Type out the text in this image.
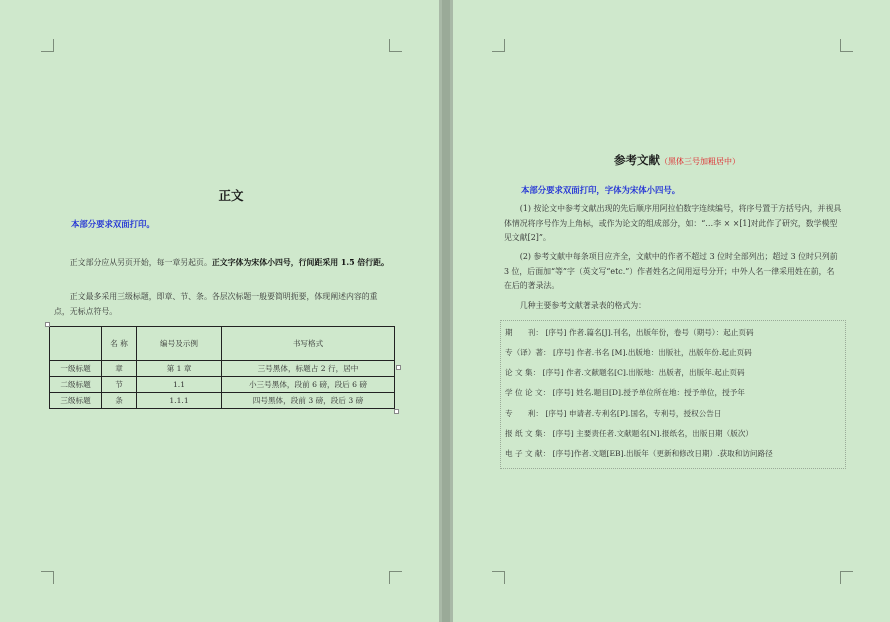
正文
本部分要求双面打印。

正文部分应从另页开始，每一章另起页。正文字体为宋体小四号，行间距采用 1.5 倍行距。

正文最多采用三级标题，即章、节、条。各层次标题一般要简明扼要，体现阐述内容的重点，无标点符号。

	名 称	编号及示例	书写格式
一级标题	章	第 1 章	三号黑体，标题占 2 行，居中
二级标题	节	1.1	小三号黑体，段前 6 磅，段后 6 磅
三级标题	条	1.1.1	四号黑体，段前 3 磅，段后 3 磅
参考文献（黑体三号加粗居中）
本部分要求双面打印，字体为宋体小四号。

(1) 按论文中参考文献出现的先后顺序用阿拉伯数字连续编号，将序号置于方括号内，并视具体情况将序号作为上角标，或作为论文的组成部分，如：“…李 × ×[1]对此作了研究，数学模型见文献[2]”。

(2) 参考文献中每条项目应齐全，文献中的作者不超过 3 位时全部列出；超过 3 位时只列前 3 位，后面加“等”字（英文写“etc.”）作者姓名之间用逗号分开；中外人名一律采用姓在前，名在后的著录法。

几种主要参考文献著录表的格式为：

期　　刊： [序号] 作者.篇名[J].刊名，出版年份，卷号（期号）：起止页码
专（译）著： [序号] 作者.书名 [M].出版地：出版社，出版年份.起止页码
论 文 集： [序号] 作者.文献题名[C].出版地：出版者，出版年.起止页码
学 位 论 文： [序号] 姓名.题目[D].授予单位所在地：授予单位，授予年
专　　利： [序号] 申请者.专利名[P].国名，专利号，授权公告日
报 纸 文 集： [序号] 主要责任者.文献题名[N].报纸名，出版日期（版次）
电 子 文 献： [序号]作者.文题[EB].出版年（更新和修改日期）.获取和访问路径
